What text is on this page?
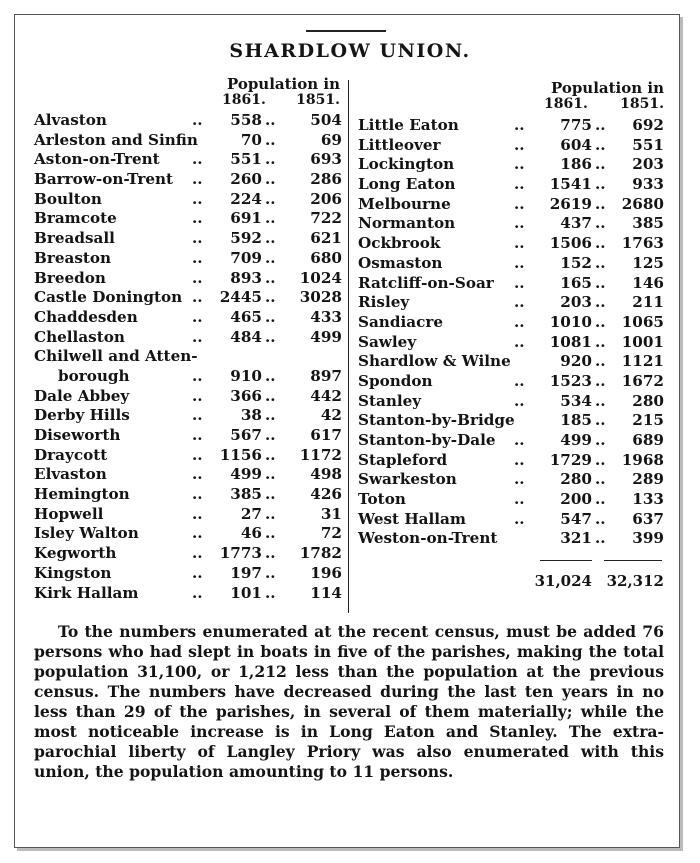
SHARDLOW UNION.
Population in
1861. 1851.
Population in
1861. 1851.
Alvaston	..	558 ..	504
Arleston and Sinfin	70 ..	69
Aston-on-Trent ..	551 ..	693
Barrow-on-Trent ..	260 ..	286
Boulton	..	224 ..	206
Bramcote	..	691 ..	722
Breadsall	..	592 ..	621
Breaston	..	709 ..	680
Breedon	..	893 ..	1024
Castle Donington ..	2445 ..	3028
Chaddesden	..	465 ..	433
Chellaston	..	484 ..	499
Chilwell and Atten-
borough	..	910 ..	897
Dale Abbey	..	366 ..	442
Derby Hills	..	38 ..	42
Diseworth	..	567 ..	617
Draycott	..	1156 ..	1172
Elvaston	..	499 ..	498
Hemington	..	385 ..	426
Hopwell	..	27 ..	31
Isley Walton	..	46 ..	72
Kegworth	..	1773 ..	1782
Kingston	..	197 ..	196
Kirk Hallam	..	101 ..	114
Little Eaton	..	775 ..	692
Littleover	..	604 ..	551
Lockington	..	186 ..	203
Long Eaton	..	1541 ..	933
Melbourne	..	2619 ..	2680
Normanton	..	437 ..	385
Ockbrook	..	1506 ..	1763
Osmaston	..	152 ..	125
Ratcliff-on-Soar ..	165 ..	146
Risley	..	203 ..	211
Sandiacre	..	1010 ..	1065
Sawley	..	1081 ..	1001
Shardlow & Wilne	920 ..	1121
Spondon	..	1523 ..	1672
Stanley	..	534 ..	280
Stanton-by-Bridge	185 ..	215
Stanton-by-Dale ..	499 ..	689
Stapleford	..	1729 ..	1968
Swarkeston	..	280 ..	289
Toton	..	200 ..	133
West Hallam	..	547 ..	637
Weston-on-Trent	321 ..	399
31,024 32,312
To the numbers enumerated at the recent census, must be added 76 persons who had slept in boats in five of the parishes, making the total population 31,100, or 1,212 less than the population at the previous census. The numbers have decreased during the last ten years in no less than 29 of the parishes, in several of them materially; while the most noticeable increase is in Long Eaton and Stanley. The extra-parochial liberty of Langley Priory was also enumerated with this union, the population amounting to 11 persons.
